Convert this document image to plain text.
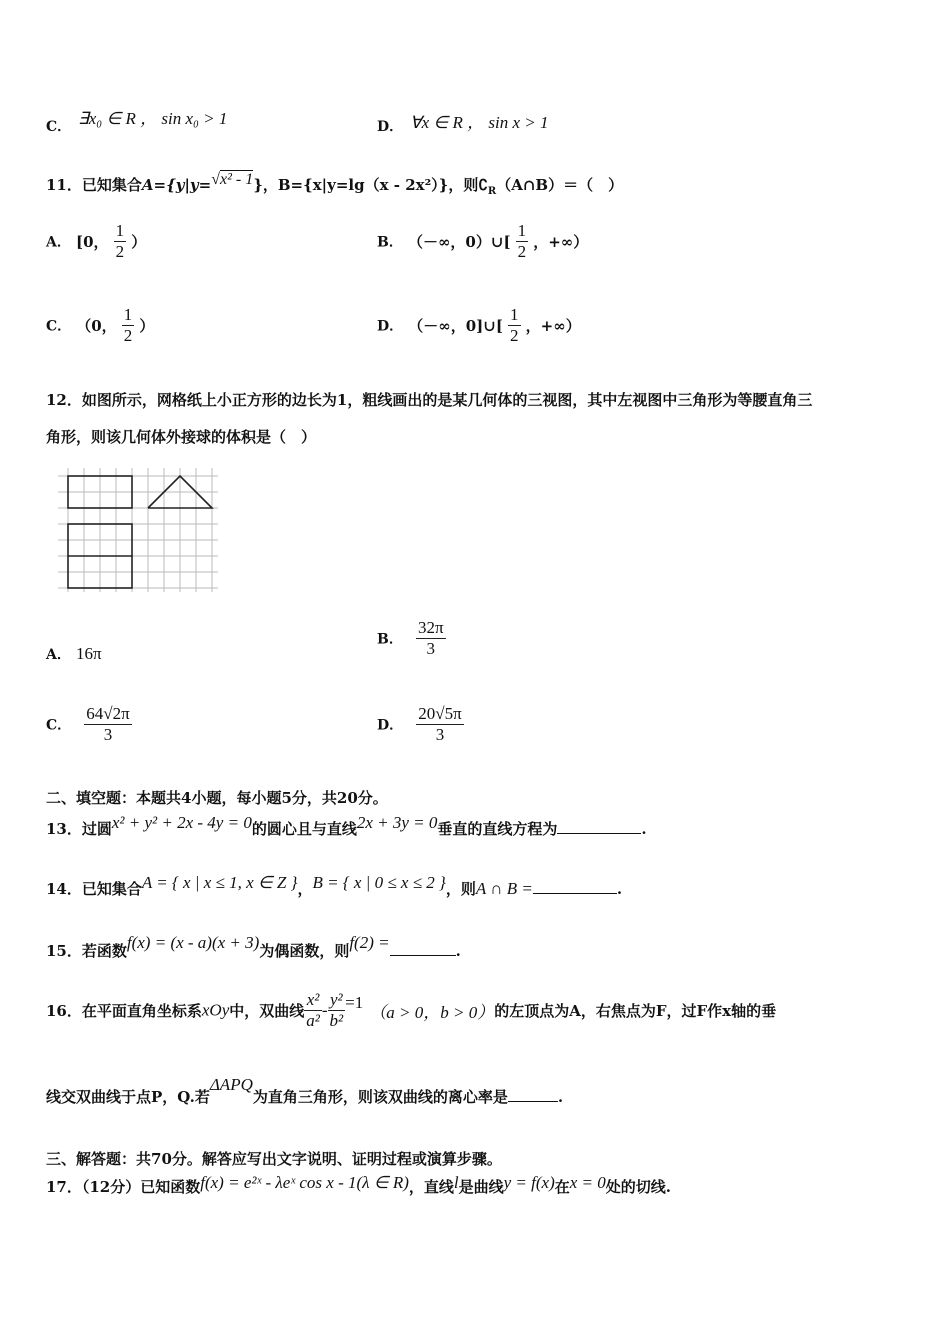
C． ∃x₀ ∈ R ， sin x₀ > 1	D． ∀x ∈ R ， sin x > 1
11．已知集合A={y|y=√x² - 1}，B={x|y=lg（x - 2x²）}，则$∁_R(A\cap B)=$（　）
A． [0， $\frac{1}{2}$ ）	B． （－∞，0）∪[ $\frac{1}{2}$ ，+∞）
C． （0， $\frac{1}{2}$ ）	D． （－∞，0]∪[ $\frac{1}{2}$ ，+∞）
12．如图所示，网格纸上小正方形的边长为1，粗线画出的是某几何体的三视图，其中左视图中三角形为等腰直角三
角形，则该几何体外接球的体积是（　）
A． 16π
B． $\frac{32\pi}{3}$
C． $\frac{64√2\pi}{3}$	D． $\frac{20√5\pi}{3}$
二、填空题：本题共4小题，每小题5分，共20分。
13．过圆x² + y² + 2x - 4y = 0的圆心且与直线2x + 3y = 0垂直的直线方程为	.
14．已知集合A = { x | x ≤ 1, x ∈ Z }，B = { x | 0 ≤ x ≤ 2 }，则A ∩ B =	.
15．若函数f(x) = (x - a)(x + 3)为偶函数，则f(2) =	.
16．在平面直角坐标系xOy中，双曲线 $\frac{\text{x²}}{\text{a²}} - \frac{\text{y²}}{\text{b²}} =1(a > 0$，b > 0）的左顶点为A，右焦点为F，过F作x轴的垂
线交双曲线于点P，Q.若ΔAPQ为直角三角形，则该双曲线的离心率是	.
三、解答题：共70分。解答应写出文字说明、证明过程或演算步骤。
17．（12分）已知函数f(x) = e²ˣ - λeˣ cos x - 1(λ ∈ R)，直线l是曲线y = f(x)在x = 0处的切线.
